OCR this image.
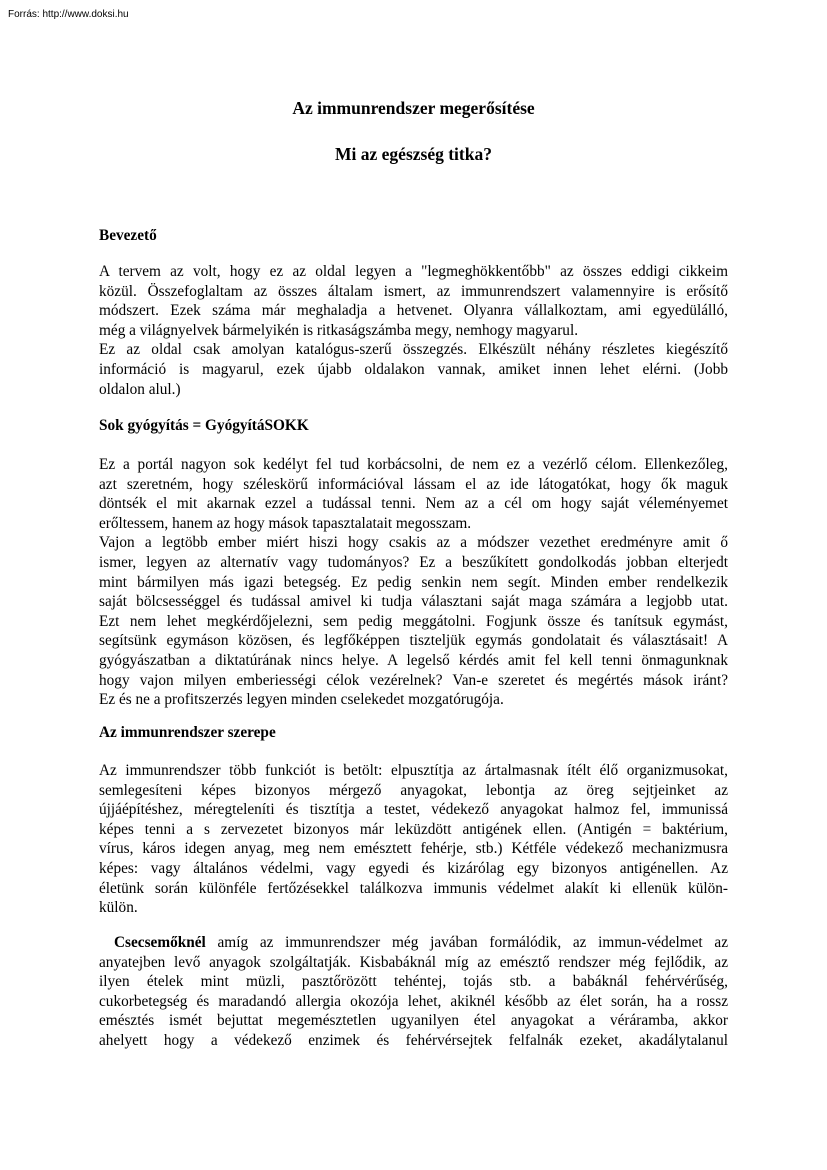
Forrás: http://www.doksi.hu
Az immunrendszer megerősítése
Mi az egészség titka?
Bevezető
A tervem az volt, hogy ez az oldal legyen a "legmeghökkentőbb" az összes eddigi cikkeim
közül. Összefoglaltam az összes általam ismert, az immunrendszert valamennyire is erősítő
módszert. Ezek száma már meghaladja a hetvenet. Olyanra vállalkoztam, ami egyedülálló,
még a világnyelvek bármelyikén is ritkaságszámba megy, nemhogy magyarul.
Ez az oldal csak amolyan katalógus-szerű összegzés. Elkészült néhány részletes kiegészítő
információ is magyarul, ezek újabb oldalakon vannak, amiket innen lehet elérni. (Jobb
oldalon alul.)
Sok gyógyítás = GyógyítáSOKK
Ez a portál nagyon sok kedélyt fel tud korbácsolni, de nem ez a vezérlő célom. Ellenkezőleg,
azt szeretném, hogy széleskörű információval lássam el az ide látogatókat, hogy ők maguk
döntsék el mit akarnak ezzel a tudással tenni. Nem az a cél om hogy saját véleményemet
erőltessem, hanem az hogy mások tapasztalatait megosszam.
Vajon a legtöbb ember miért hiszi hogy csakis az a módszer vezethet eredményre amit ő
ismer, legyen az alternatív vagy tudományos? Ez a beszűkített gondolkodás jobban elterjedt
mint bármilyen más igazi betegség. Ez pedig senkin nem segít. Minden ember rendelkezik
saját bölcsességgel és tudással amivel ki tudja választani saját maga számára a legjobb utat.
Ezt nem lehet megkérdőjelezni, sem pedig meggátolni. Fogjunk össze és tanítsuk egymást,
segítsünk egymáson közösen, és legfőképpen tiszteljük egymás gondolatait és választásait! A
gyógyászatban a diktatúrának nincs helye. A legelső kérdés amit fel kell tenni önmagunknak
hogy vajon milyen emberiességi célok vezérelnek? Van-e szeretet és megértés mások iránt?
Ez és ne a profitszerzés legyen minden cselekedet mozgatórugója.
Az immunrendszer szerepe
Az immunrendszer több funkciót is betölt: elpusztítja az ártalmasnak ítélt élő organizmusokat,
semlegesíteni képes bizonyos mérgező anyagokat, lebontja az öreg sejtjeinket az
újjáépítéshez, méregteleníti és tisztítja a testet, védekező anyagokat halmoz fel, immunissá
képes tenni a s zervezetet bizonyos már leküzdött antigének ellen. (Antigén = baktérium,
vírus, káros idegen anyag, meg nem emésztett fehérje, stb.) Kétféle védekező mechanizmusra
képes: vagy általános védelmi, vagy egyedi és kizárólag egy bizonyos antigénellen. Az
életünk során különféle fertőzésekkel találkozva immunis védelmet alakít ki ellenük külön-
külön.
Csecsemőknél amíg az immunrendszer még javában formálódik, az immun-védelmet az
anyatejben levő anyagok szolgáltatják. Kisbabáknál míg az emésztő rendszer még fejlődik, az
ilyen ételek mint müzli, pasztőrözött tehéntej, tojás stb. a babáknál fehérvérűség,
cukorbetegség és maradandó allergia okozója lehet, akiknél később az élet során, ha a rossz
emésztés ismét bejuttat megemésztetlen ugyanilyen étel anyagokat a véráramba, akkor
ahelyett hogy a védekező enzimek és fehérvérsejtek felfalnák ezeket, akadálytalanul
